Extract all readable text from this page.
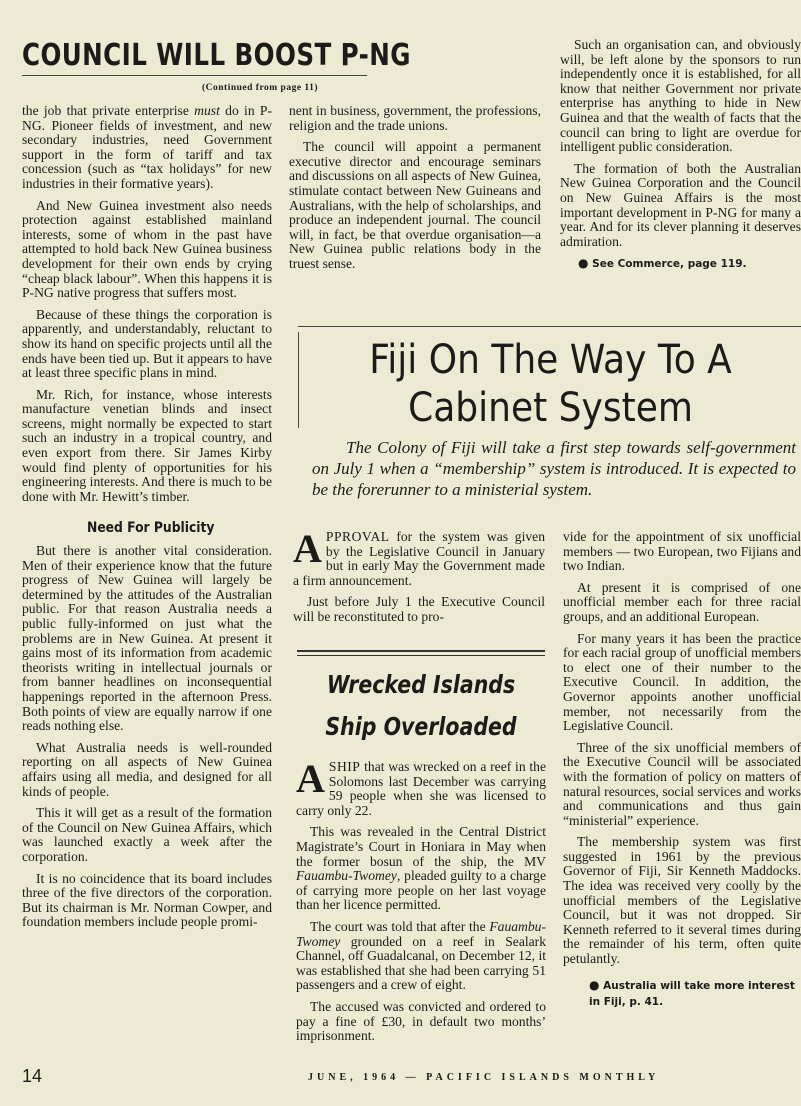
COUNCIL WILL BOOST P-NG
(Continued from page 11)

the job that private enterprise must do in P-NG. Pioneer fields of investment, and new secondary industries, need Government support in the form of tariff and tax concession (such as “tax holidays” for new industries in their formative years).

And New Guinea investment also needs protection against established mainland interests, some of whom in the past have attempted to hold back New Guinea business development for their own ends by crying “cheap black labour”. When this happens it is P-NG native progress that suffers most.

Because of these things the corporation is apparently, and understandably, reluctant to show its hand on specific projects until all the ends have been tied up. But it appears to have at least three specific plans in mind.

Mr. Rich, for instance, whose interests manufacture venetian blinds and insect screens, might normally be expected to start such an industry in a tropical country, and even export from there. Sir James Kirby would find plenty of opportunities for his engineering interests. And there is much to be done with Mr. Hewitt’s timber.

Need For Publicity

But there is another vital consideration. Men of their experience know that the future progress of New Guinea will largely be determined by the attitudes of the Australian public. For that reason Australia needs a public fully-informed on just what the problems are in New Guinea. At present it gains most of its information from academic theorists writing in intellectual journals or from banner headlines on inconsequential happenings reported in the afternoon Press. Both points of view are equally narrow if one reads nothing else.

What Australia needs is well-rounded reporting on all aspects of New Guinea affairs using all media, and designed for all kinds of people.

This it will get as a result of the formation of the Council on New Guinea Affairs, which was launched exactly a week after the corporation.

It is no coincidence that its board includes three of the five directors of the corporation. But its chairman is Mr. Norman Cowper, and foundation members include people promi-

nent in business, government, the professions, religion and the trade unions.

The council will appoint a permanent executive director and encourage seminars and discussions on all aspects of New Guinea, stimulate contact between New Guineans and Australians, with the help of scholarships, and produce an independent journal. The council will, in fact, be that overdue organisation—a New Guinea public relations body in the truest sense.

Such an organisation can, and obviously will, be left alone by the sponsors to run independently once it is established, for all know that neither Government nor private enterprise has anything to hide in New Guinea and that the wealth of facts that the council can bring to light are overdue for intelligent public consideration.

The formation of both the Australian New Guinea Corporation and the Council on New Guinea Affairs is the most important development in P-NG for many a year. And for its clever planning it deserves admiration.

● See Commerce, page 119.
Fiji On The Way To A
Cabinet System
The Colony of Fiji will take a first step towards self-government on July 1 when a “membership” system is introduced. It is expected to be the forerunner to a ministerial system.

APPROVAL for the system was given by the Legislative Council in January but in early May the Government made a firm announcement.

Just before July 1 the Executive Council will be reconstituted to pro-

vide for the appointment of six unofficial members — two European, two Fijians and two Indian.

At present it is comprised of one unofficial member each for three racial groups, and an additional European.

For many years it has been the practice for each racial group of unofficial members to elect one of their number to the Executive Council. In addition, the Governor appoints another unofficial member, not necessarily from the Legislative Council.

Three of the six unofficial members of the Executive Council will be associated with the formation of policy on matters of natural resources, social services and works and communications and thus gain “ministerial” experience.

The membership system was first suggested in 1961 by the previous Governor of Fiji, Sir Kenneth Maddocks. The idea was received very coolly by the unofficial members of the Legislative Council, but it was not dropped. Sir Kenneth referred to it several times during the remainder of his term, often quite petulantly.

● Australia will take more interest in Fiji, p. 41.
Wrecked Islands
Ship Overloaded

ASHIP that was wrecked on a reef in the Solomons last December was carrying 59 people when she was licensed to carry only 22.

This was revealed in the Central District Magistrate’s Court in Honiara in May when the former bosun of the ship, the MV Fauambu-Twomey, pleaded guilty to a charge of carrying more people on her last voyage than her licence permitted.

The court was told that after the Fauambu-Twomey grounded on a reef in Sealark Channel, off Guadalcanal, on December 12, it was established that she had been carrying 51 passengers and a crew of eight.

The accused was convicted and ordered to pay a fine of £30, in default two months’ imprisonment.

14	JUNE, 1964 — PACIFIC ISLANDS MONTHLY
